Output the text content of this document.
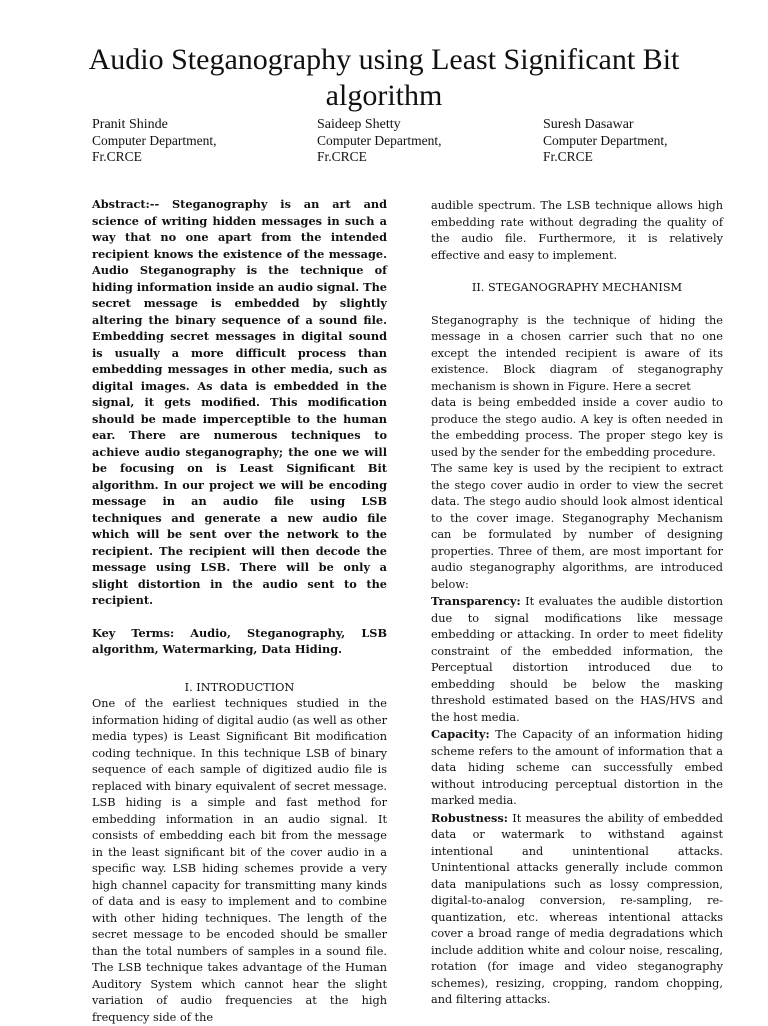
Audio Steganography using Least Significant Bit algorithm
Pranit Shinde
Computer Department,
Fr.CRCE
Saideep Shetty
Computer Department,
Fr.CRCE
Suresh Dasawar
Computer Department,
Fr.CRCE

Abstract:-- Steganography is an art and science of writing hidden messages in such a way that no one apart from the intended recipient knows the existence of the message. Audio Steganography is the technique of hiding information inside an audio signal. The secret message is embedded by slightly altering the binary sequence of a sound file. Embedding secret messages in digital sound is usually a more difficult process than embedding messages in other media, such as digital images. As data is embedded in the signal, it gets modified. This modification should be made imperceptible to the human ear. There are numerous techniques to achieve audio steganography; the one we will be focusing on is Least Significant Bit algorithm. In our project we will be encoding message in an audio file using LSB techniques and generate a new audio file which will be sent over the network to the recipient. The recipient will then decode the message using LSB. There will be only a slight distortion in the audio sent to the recipient.

Key Terms: Audio, Steganography, LSB algorithm, Watermarking, Data Hiding.

I. INTRODUCTION

One of the earliest techniques studied in the information hiding of digital audio (as well as other media types) is Least Significant Bit modification coding technique. In this technique LSB of binary sequence of each sample of digitized audio file is replaced with binary equivalent of secret message. LSB hiding is a simple and fast method for embedding information in an audio signal. It consists of embedding each bit from the message in the least significant bit of the cover audio in a specific way. LSB hiding schemes provide a very high channel capacity for transmitting many kinds of data and is easy to implement and to combine with other hiding techniques. The length of the secret message to be encoded should be smaller than the total numbers of samples in a sound file. The LSB technique takes advantage of the Human Auditory System which cannot hear the slight variation of audio frequencies at the high frequency side of the

audible spectrum. The LSB technique allows high embedding rate without degrading the quality of the audio file. Furthermore, it is relatively effective and easy to implement.

II. STEGANOGRAPHY MECHANISM

Steganography is the technique of hiding the message in a chosen carrier such that no one except the intended recipient is aware of its existence. Block diagram of steganography mechanism is shown in Figure. Here a secret

data is being embedded inside a cover audio to produce the stego audio. A key is often needed in the embedding process. The proper stego key is used by the sender for the embedding procedure.

The same key is used by the recipient to extract the stego cover audio in order to view the secret data. The stego audio should look almost identical to the cover image. Steganography Mechanism can be formulated by number of designing properties. Three of them, are most important for audio steganography algorithms, are introduced below:

Transparency: It evaluates the audible distortion due to signal modifications like message embedding or attacking. In order to meet fidelity constraint of the embedded information, the Perceptual distortion introduced due to embedding should be below the masking threshold estimated based on the HAS/HVS and the host media.

Capacity: The Capacity of an information hiding scheme refers to the amount of information that a data hiding scheme can successfully embed without introducing perceptual distortion in the marked media.

Robustness: It measures the ability of embedded data or watermark to withstand against intentional and unintentional attacks. Unintentional attacks generally include common data manipulations such as lossy compression, digital-to-analog conversion, re-sampling, re-quantization, etc. whereas intentional attacks cover a broad range of media degradations which include addition white and colour noise, rescaling, rotation (for image and video steganography schemes), resizing, cropping, random chopping, and filtering attacks.
